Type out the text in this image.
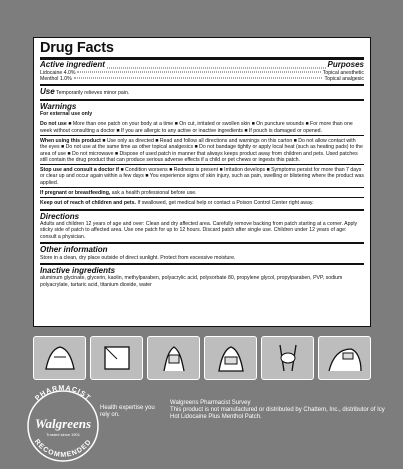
Drug Facts
Active ingredient	Purposes
Lidocaine 4.0%	Topical anesthetic
Menthol 1.0%	Topical analgesic
Use Temporarily relieves minor pain.
Warnings
For external use only
Do not use ■ More than one patch on your body at a time ■ On cut, irritated or swollen skin ■ On puncture wounds ■ For more than one week without consulting a doctor ■ If you are allergic to any active or inactive ingredients ■ If pouch is damaged or opened.
When using this product ■ Use only as directed ■ Read and follow all directions and warnings on this carton ■ Do not allow contact with the eyes ■ Do not use at the same time as other topical analgesics ■ Do not bandage tightly or apply local heat (such as heating pads) to the area of use ■ Do not microwave ■ Dispose of used patch in manner that always keeps product away from children and pets. Used patches still contain the drug product that can produce serious adverse effects if a child or pet chews or ingests this patch.
Stop use and consult a doctor if ■ Condition worsens ■ Redness is present ■ Irritation develops ■ Symptoms persist for more than 7 days or clear up and occur again within a few days ■ You experience signs of skin injury, such as pain, swelling or blistering where the product was applied.
If pregnant or breastfeeding, ask a health professional before use.
Keep out of reach of children and pets. If swallowed, get medical help or contact a Poison Control Center right away.
Directions
Adults and children 12 years of age and over: Clean and dry affected area. Carefully remove backing from patch starting at a corner. Apply sticky side of patch to affected area. Use one patch for up to 12 hours. Discard patch after single use. Children under 12 years of age: consult a physician.
Other information
Store in a clean, dry place outside of direct sunlight. Protect from excessive moisture.
Inactive ingredients
aluminum glycinate, glycerin, kaolin, methylparaben, polyacrylic acid, polysorbate 80, propylene glycol, propylparaben, PVP, sodium polyacrylate, tartaric acid, titanium dioxide, water
PHARMACIST
RECOMMENDED
Walgreens
Trusted since 1901
Health expertise you rely on.
Walgreens Pharmacist Survey
This product is not manufactured or distributed by Chattem, Inc., distributor of Icy Hot Lidocaine Plus Menthol Patch.
